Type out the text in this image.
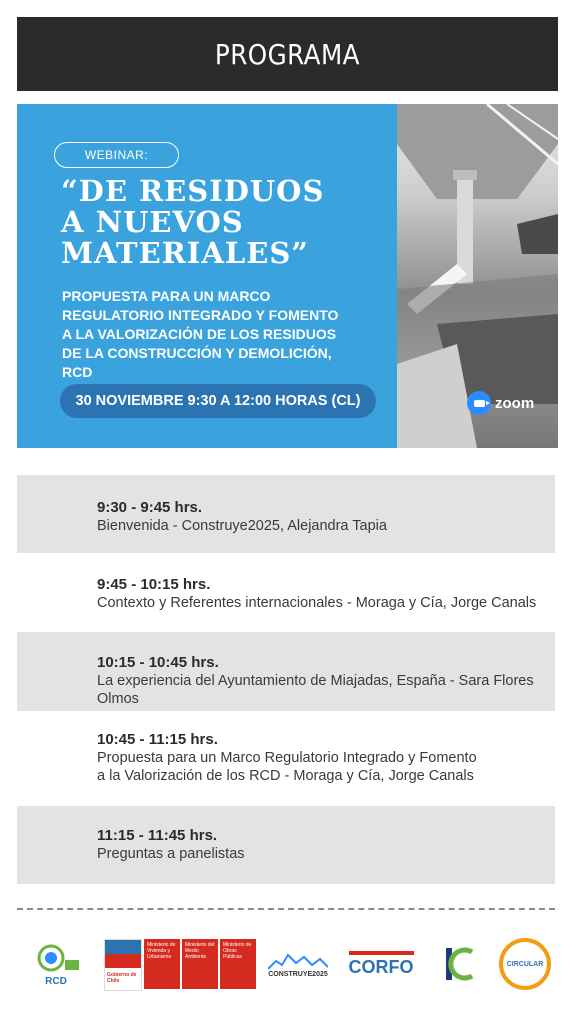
PROGRAMA
WEBINAR:
“DE RESIDUOS
A NUEVOS
MATERIALES”
PROPUESTA PARA UN MARCO REGULATORIO INTEGRADO Y FOMENTO A LA VALORIZACIÓN DE LOS RESIDUOS DE LA CONSTRUCCIÓN Y DEMOLICIÓN, RCD
30 NOVIEMBRE 9:30 A 12:00 HORAS (CL)	zoom
9:30 - 9:45 hrs.
Bienvenida - Construye2025, Alejandra Tapia
9:45 - 10:15 hrs.
Contexto y Referentes internacionales - Moraga y Cía, Jorge Canals
10:15 - 10:45 hrs.
La experiencia del Ayuntamiento de Miajadas, España - Sara Flores Olmos
10:45 - 11:15 hrs.
Propuesta para un Marco Regulatorio Integrado y Fomento
a la Valorización de los RCD - Moraga y Cía, Jorge Canals
11:15 - 11:45 hrs.
Preguntas a panelistas
RCD
Gobierno de Chile
Ministerio de Vivienda y Urbanismo
Ministerio del Medio Ambiente
Ministerio de Obras Públicas
CONSTRUYE2025 CORFO	CIRCULAR
